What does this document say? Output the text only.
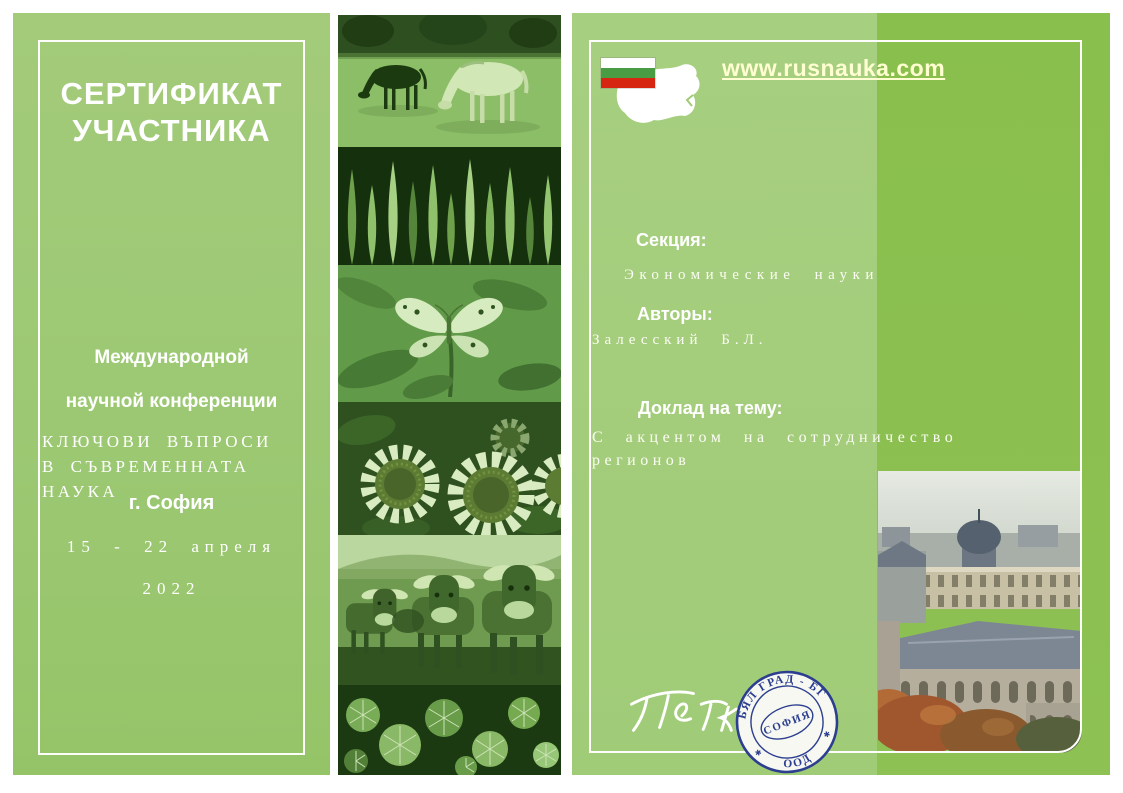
СЕРТИФИКАТ
УЧАСТНИКА
Международной
научной конференции
КЛЮЧОВИ ВЪПРОСИ
В СЪВРЕМЕННАТА НАУКА
г. София
15 - 22 апреля
2022
www.rusnauka.com
Секция:
Экономические науки
Авторы:
Залесский Б.Л.
Доклад на тему:
С акцентом на сотрудничество
регионов
БЯЛ ГРАД - БГ
ООД
СОФИЯ
✱
✱
